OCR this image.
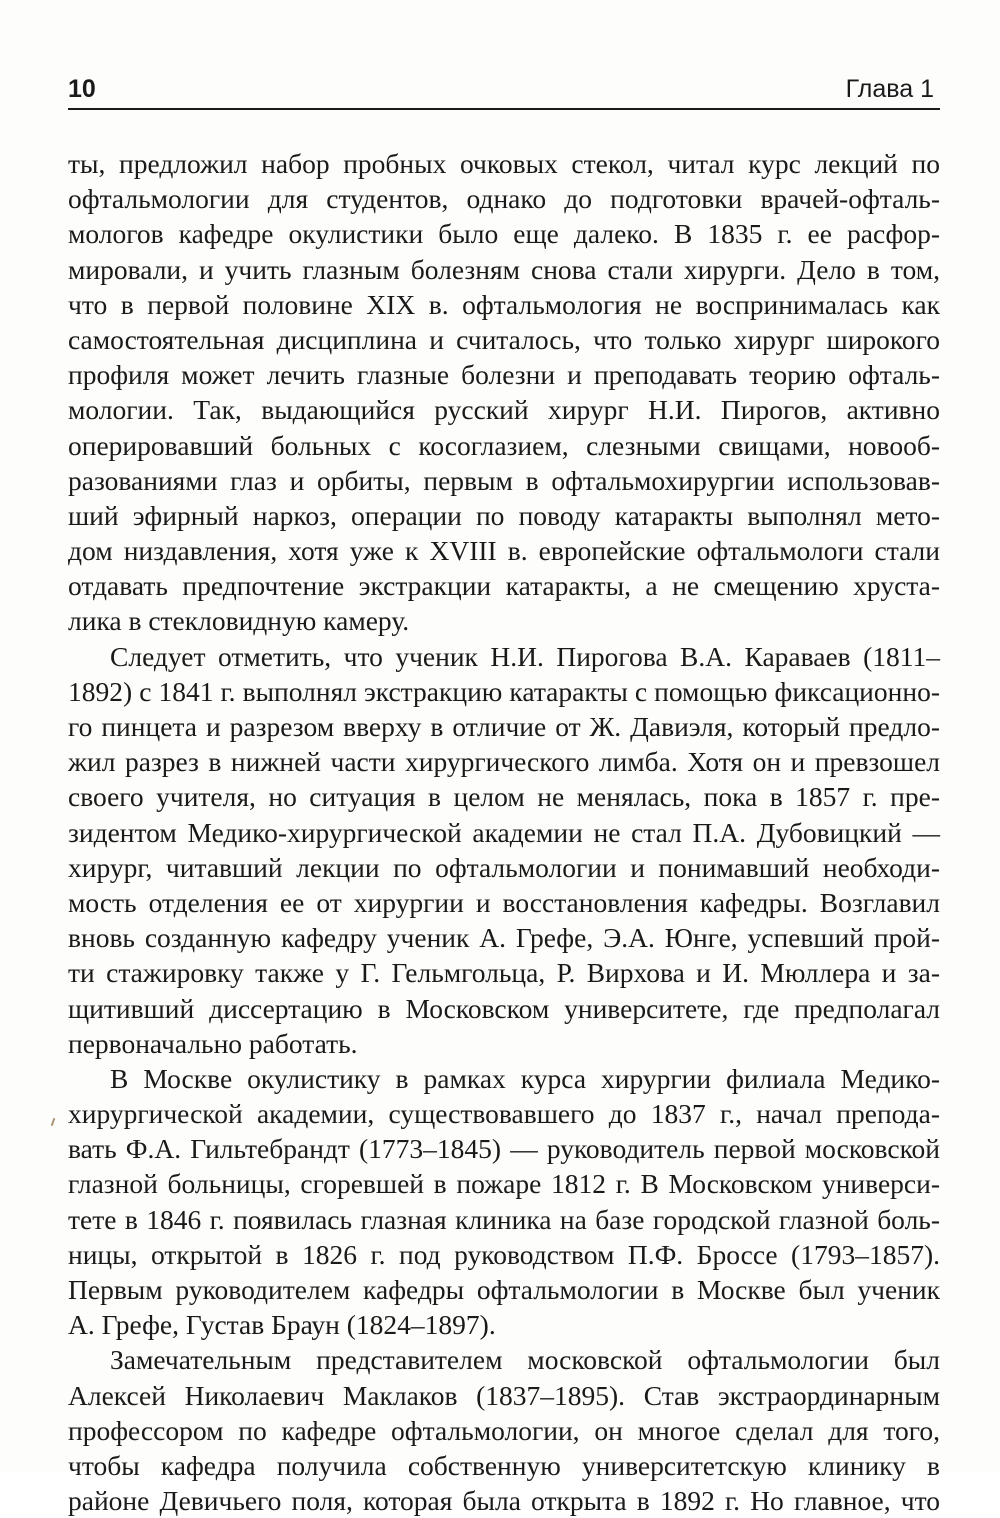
10	Глава 1
ты, предложил набор пробных очковых стекол, читал курс лекций по
офтальмологии для студентов, однако до подготовки врачей-офталь-
мологов кафедре окулистики было еще далеко. В 1835 г. ее расфор-
мировали, и учить глазным болезням снова стали хирурги. Дело в том,
что в первой половине XIX в. офтальмология не воспринималась как
самостоятельная дисциплина и считалось, что только хирург широкого
профиля может лечить глазные болезни и преподавать теорию офталь-
мологии. Так, выдающийся русский хирург Н.И. Пирогов, активно
оперировавший больных с косоглазием, слезными свищами, новооб-
разованиями глаз и орбиты, первым в офтальмохирургии использовав-
ший эфирный наркоз, операции по поводу катаракты выполнял мето-
дом низдавления, хотя уже к XVIII в. европейские офтальмологи стали
отдавать предпочтение экстракции катаракты, а не смещению хруста-
лика в стекловидную камеру.
Следует отметить, что ученик Н.И. Пирогова В.А. Караваев (1811–
1892) с 1841 г. выполнял экстракцию катаракты с помощью фиксационно-
го пинцета и разрезом вверху в отличие от Ж. Давиэля, который предло-
жил разрез в нижней части хирургического лимба. Хотя он и превзошел
своего учителя, но ситуация в целом не менялась, пока в 1857 г. пре-
зидентом Медико-хирургической академии не стал П.А. Дубовицкий —
хирург, читавший лекции по офтальмологии и понимавший необходи-
мость отделения ее от хирургии и восстановления кафедры. Возглавил
вновь созданную кафедру ученик А. Грефе, Э.А. Юнге, успевший прой-
ти стажировку также у Г. Гельмгольца, Р. Вирхова и И. Мюллера и за-
щитивший диссертацию в Московском университете, где предполагал
первоначально работать.
В Москве окулистику в рамках курса хирургии филиала Медико-
хирургической академии, существовавшего до 1837 г., начал препода-
вать Ф.А. Гильтебрандт (1773–1845) — руководитель первой московской
глазной больницы, сгоревшей в пожаре 1812 г. В Московском универси-
тете в 1846 г. появилась глазная клиника на базе городской глазной боль-
ницы, открытой в 1826 г. под руководством П.Ф. Броссе (1793–1857).
Первым руководителем кафедры офтальмологии в Москве был ученик
А. Грефе, Густав Браун (1824–1897).
Замечательным представителем московской офтальмологии был
Алексей Николаевич Маклаков (1837–1895). Став экстраординарным
профессором по кафедре офтальмологии, он многое сделал для того,
чтобы кафедра получила собственную университетскую клинику в
районе Девичьего поля, которая была открыта в 1892 г. Но главное, что
